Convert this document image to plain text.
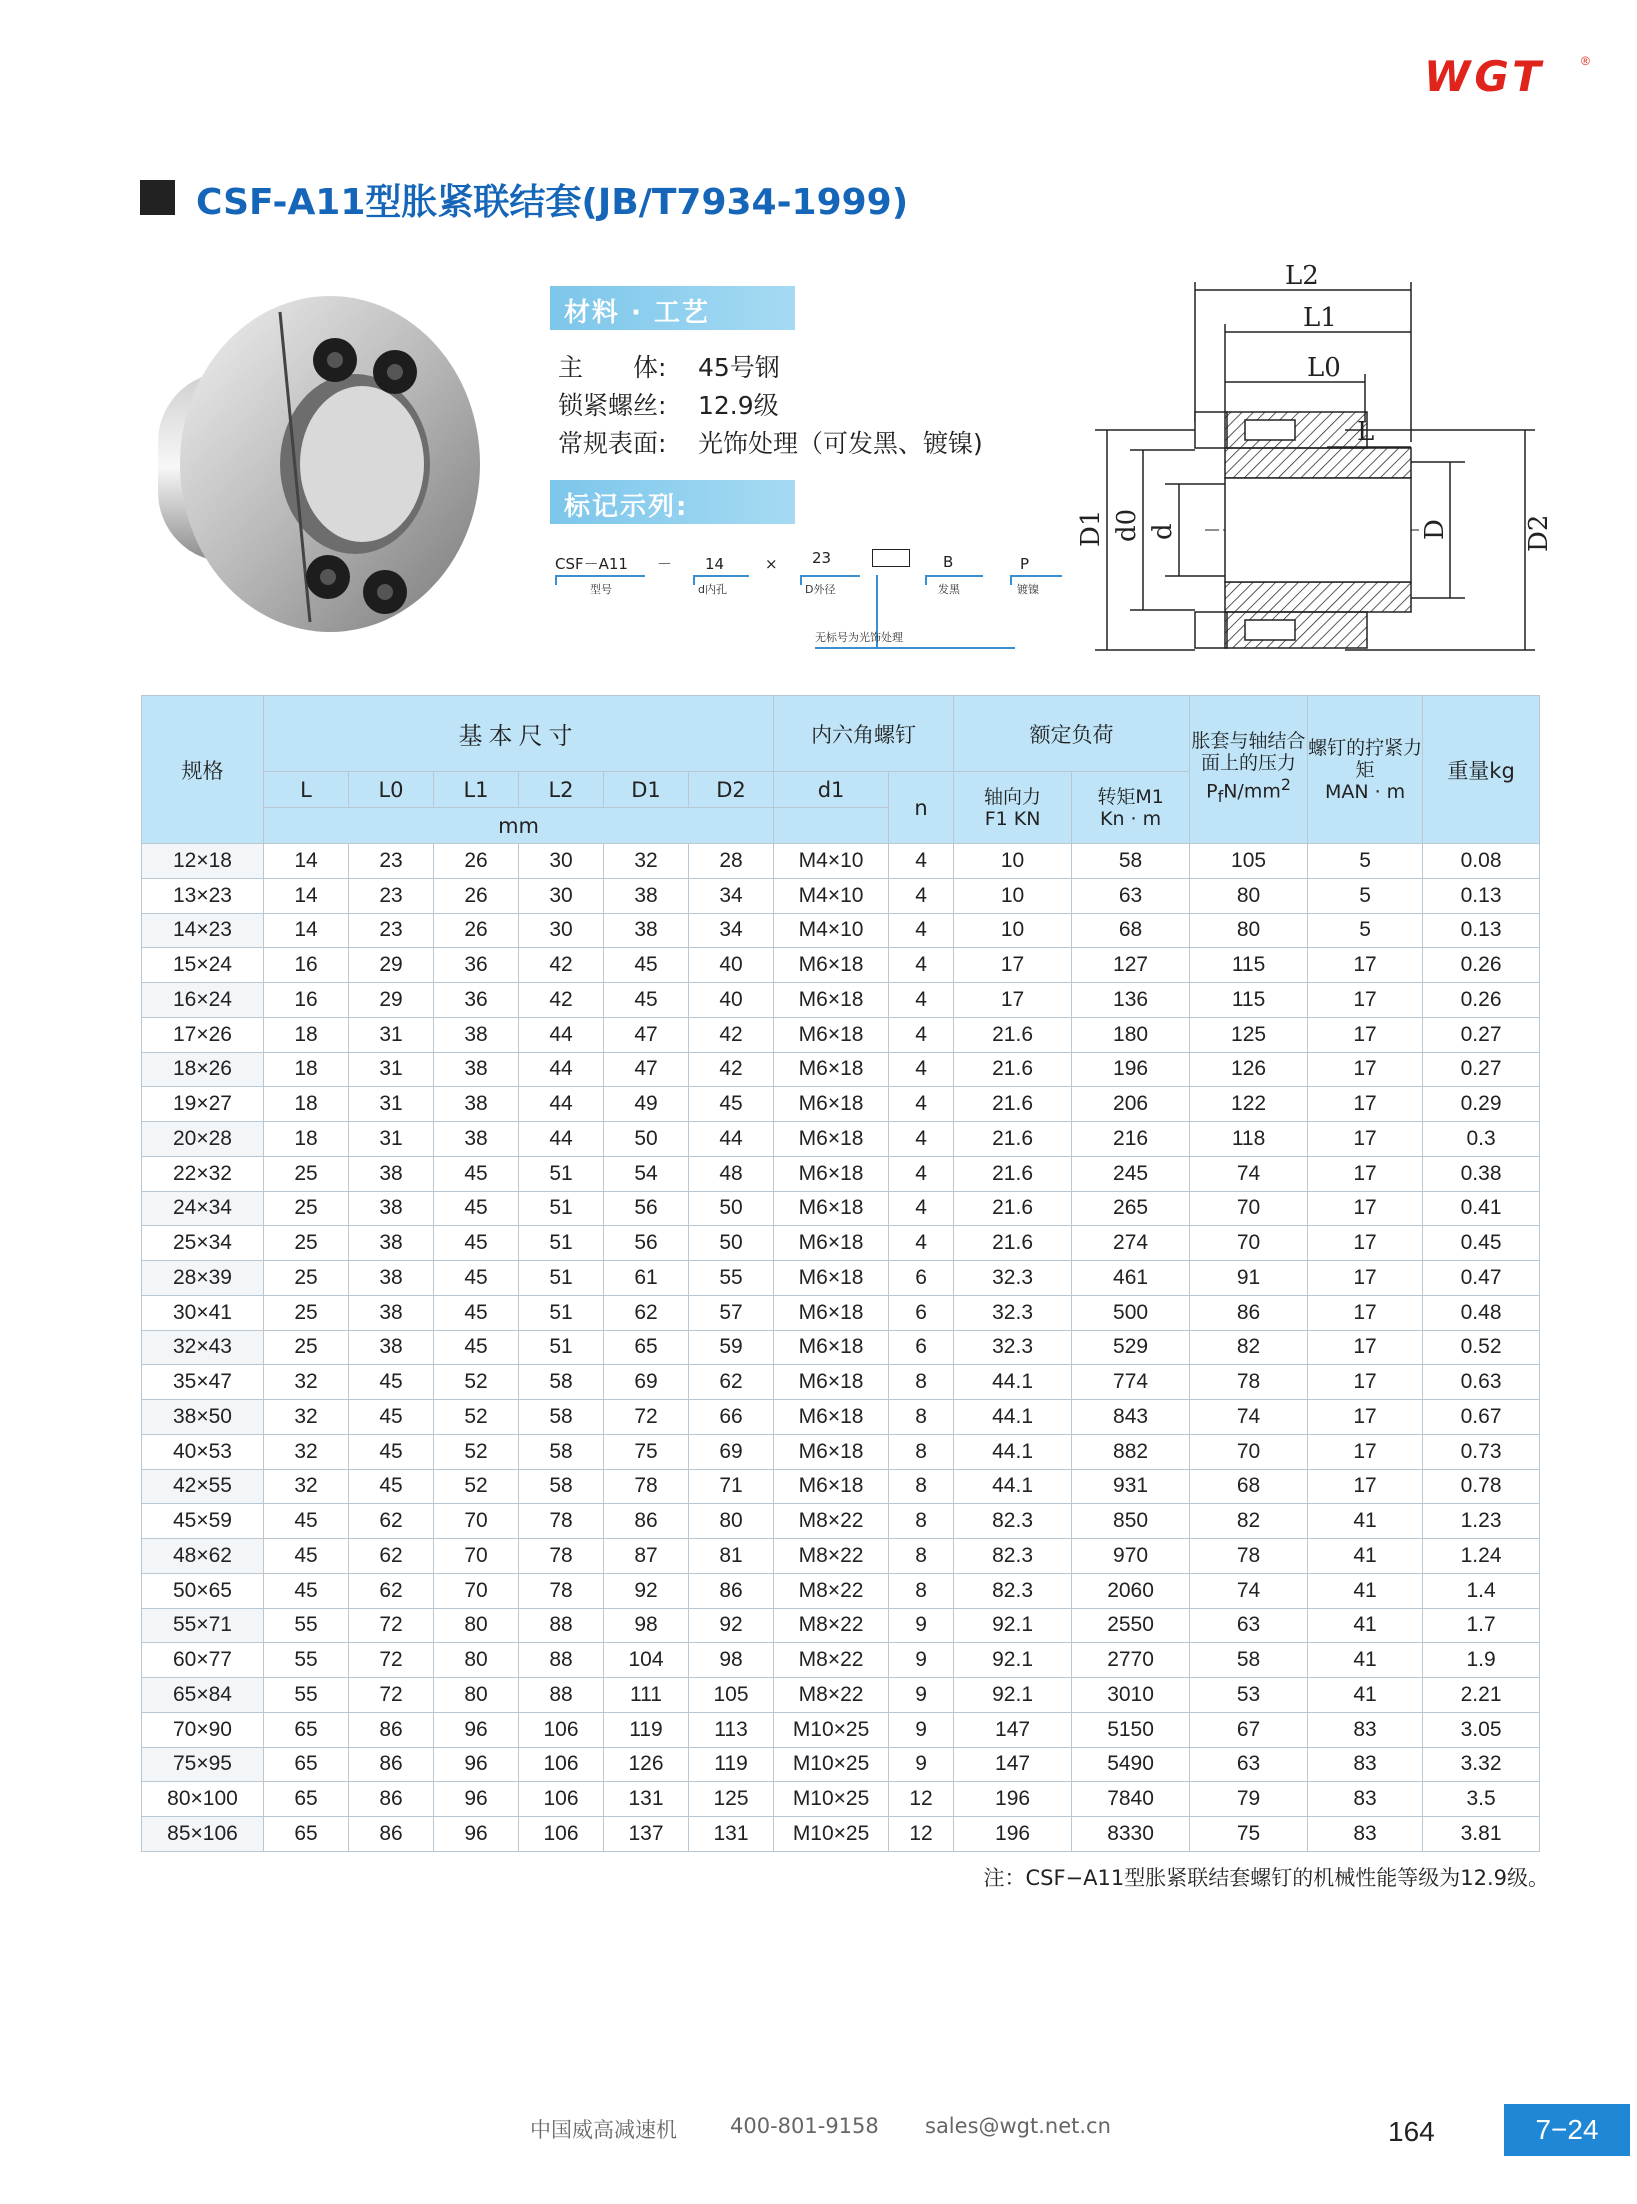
WGT	®
CSF-A11型胀紧联结套(JB/T7934-1999)
材料 · 工艺
主　　体: 45号钢
锁紧螺丝: 12.9级
常规表面: 光饰处理（可发黑、镀镍)
标记示列:
CSF－A11 － 14	× 23	B	P
型号	d内孔	D外径	发黑	镀镍
无标号为光饰处理
L2
L1
L0
L
D1 d0 d	D	D2
规格	基本尺寸						内六角螺钉		额定负荷		胀套与轴结合面上的压力
$P_fN/mm^2$	螺钉的拧紧力矩
MAN · m	重量kg
	L	L0	L1	L2	D1	D2	d1	n	轴向力
F1 KN	转矩M1
Kn · m			
	mm												
12×18	14	23	26	30	32	28	M4×10	4	10	58	105	5	0.08
13×23	14	23	26	30	38	34	M4×10	4	10	63	80	5	0.13
14×23	14	23	26	30	38	34	M4×10	4	10	68	80	5	0.13
15×24	16	29	36	42	45	40	M6×18	4	17	127	115	17	0.26
16×24	16	29	36	42	45	40	M6×18	4	17	136	115	17	0.26
17×26	18	31	38	44	47	42	M6×18	4	21.6	180	125	17	0.27
18×26	18	31	38	44	47	42	M6×18	4	21.6	196	126	17	0.27
19×27	18	31	38	44	49	45	M6×18	4	21.6	206	122	17	0.29
20×28	18	31	38	44	50	44	M6×18	4	21.6	216	118	17	0.3
22×32	25	38	45	51	54	48	M6×18	4	21.6	245	74	17	0.38
24×34	25	38	45	51	56	50	M6×18	4	21.6	265	70	17	0.41
25×34	25	38	45	51	56	50	M6×18	4	21.6	274	70	17	0.45
28×39	25	38	45	51	61	55	M6×18	6	32.3	461	91	17	0.47
30×41	25	38	45	51	62	57	M6×18	6	32.3	500	86	17	0.48
32×43	25	38	45	51	65	59	M6×18	6	32.3	529	82	17	0.52
35×47	32	45	52	58	69	62	M6×18	8	44.1	774	78	17	0.63
38×50	32	45	52	58	72	66	M6×18	8	44.1	843	74	17	0.67
40×53	32	45	52	58	75	69	M6×18	8	44.1	882	70	17	0.73
42×55	32	45	52	58	78	71	M6×18	8	44.1	931	68	17	0.78
45×59	45	62	70	78	86	80	M8×22	8	82.3	850	82	41	1.23
48×62	45	62	70	78	87	81	M8×22	8	82.3	970	78	41	1.24
50×65	45	62	70	78	92	86	M8×22	8	82.3	2060	74	41	1.4
55×71	55	72	80	88	98	92	M8×22	9	92.1	2550	63	41	1.7
60×77	55	72	80	88	104	98	M8×22	9	92.1	2770	58	41	1.9
65×84	55	72	80	88	111	105	M8×22	9	92.1	3010	53	41	2.21
70×90	65	86	96	106	119	113	M10×25	9	147	5150	67	83	3.05
75×95	65	86	96	106	126	119	M10×25	9	147	5490	63	83	3.32
80×100	65	86	96	106	131	125	M10×25	12	196	7840	79	83	3.5
85×106	65	86	96	106	137	131	M10×25	12	196	8330	75	83	3.81
注：CSF−A11型胀紧联结套螺钉的机械性能等级为12.9级。
中国威高减速机	400-801-9158 sales@wgt.net.cn	164	7−24
